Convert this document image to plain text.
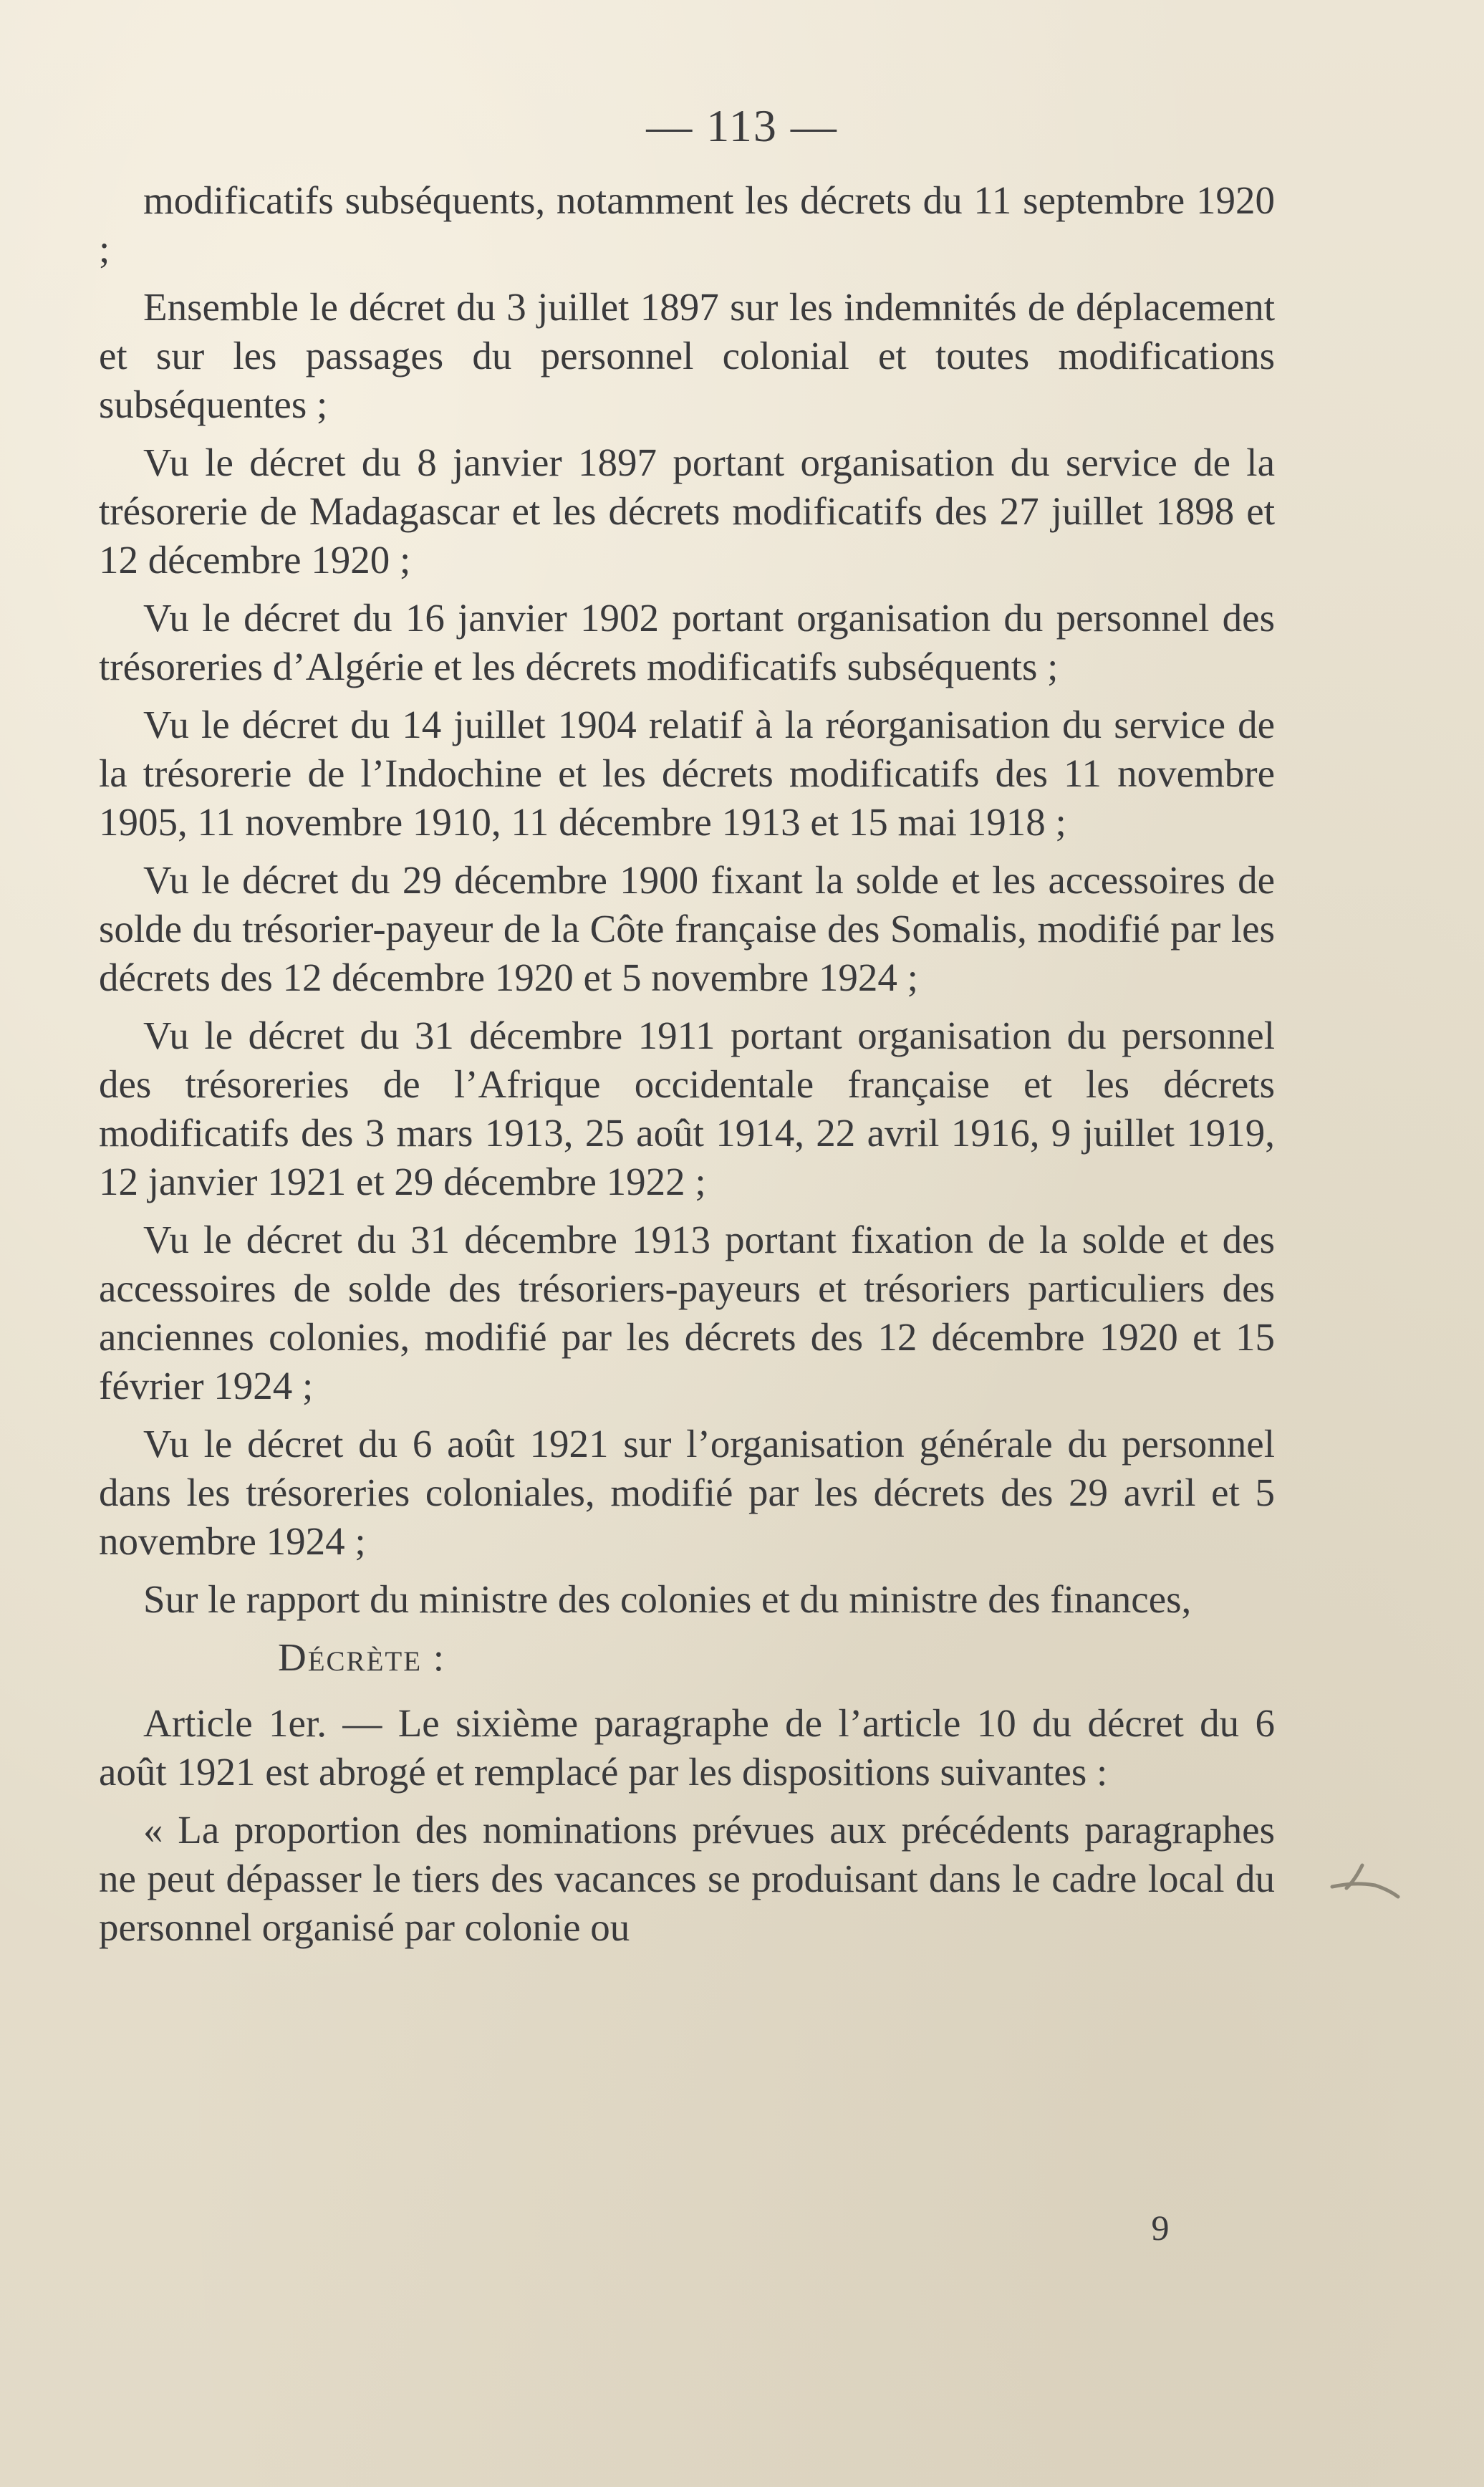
— 113 —

modificatifs subséquents, notamment les décrets du 11 septembre 1920 ;

Ensemble le décret du 3 juillet 1897 sur les indemnités de déplacement et sur les passages du personnel colonial et toutes modifications subséquentes ;

Vu le décret du 8 janvier 1897 portant organisation du service de la trésorerie de Madagascar et les décrets modificatifs des 27 juillet 1898 et 12 décembre 1920 ;

Vu le décret du 16 janvier 1902 portant organisation du personnel des trésoreries d’Algérie et les décrets modificatifs subséquents ;

Vu le décret du 14 juillet 1904 relatif à la réorganisation du service de la trésorerie de l’Indochine et les décrets modificatifs des 11 novembre 1905, 11 novembre 1910, 11 décembre 1913 et 15 mai 1918 ;

Vu le décret du 29 décembre 1900 fixant la solde et les accessoires de solde du trésorier-payeur de la Côte française des Somalis, modifié par les décrets des 12 décembre 1920 et 5 novembre 1924 ;

Vu le décret du 31 décembre 1911 portant organisation du personnel des trésoreries de l’Afrique occidentale française et les décrets modificatifs des 3 mars 1913, 25 août 1914, 22 avril 1916, 9 juillet 1919, 12 janvier 1921 et 29 décembre 1922 ;

Vu le décret du 31 décembre 1913 portant fixation de la solde et des accessoires de solde des trésoriers-payeurs et trésoriers particuliers des anciennes colonies, modifié par les décrets des 12 décembre 1920 et 15 février 1924 ;

Vu le décret du 6 août 1921 sur l’organisation générale du personnel dans les trésoreries coloniales, modifié par les décrets des 29 avril et 5 novembre 1924 ;

Sur le rapport du ministre des colonies et du ministre des finances,

Décrète :

Article 1er. — Le sixième paragraphe de l’article 10 du décret du 6 août 1921 est abrogé et remplacé par les dispositions suivantes :

« La proportion des nominations prévues aux précédents paragraphes ne peut dépasser le tiers des vacances se produisant dans le cadre local du personnel organisé par colonie ou

9
